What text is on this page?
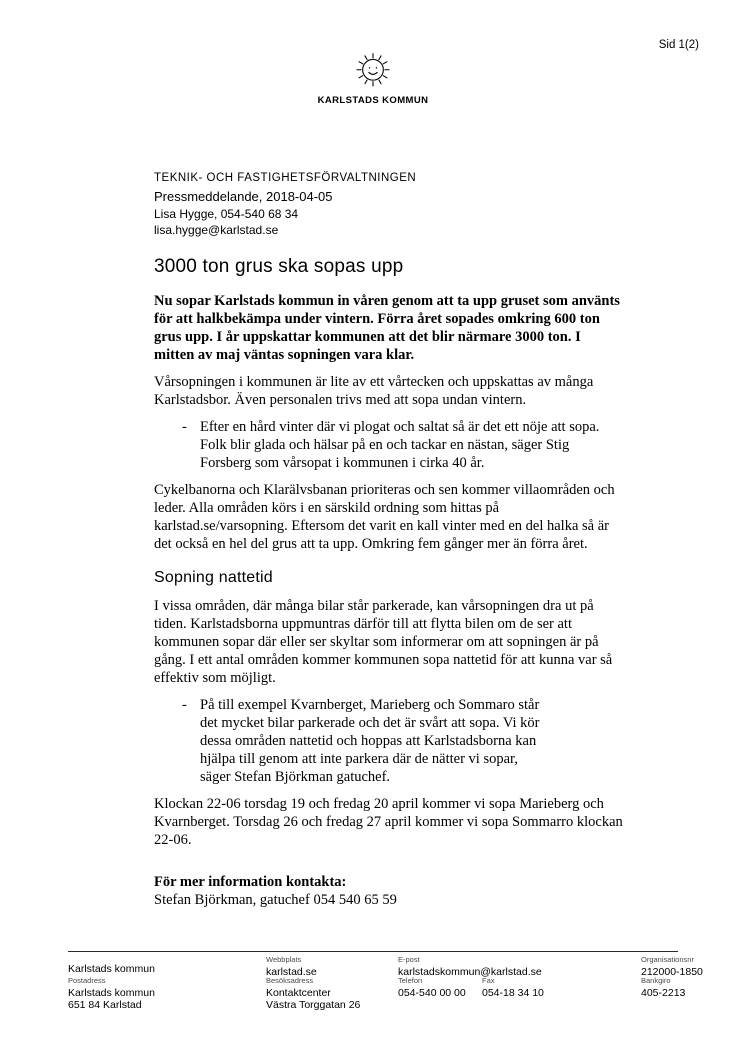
Sid 1(2)
KARLSTADS KOMMUN
TEKNIK- OCH FASTIGHETSFÖRVALTNINGEN
Pressmeddelande, 2018-04-05
Lisa Hygge, 054-540 68 34
lisa.hygge@karlstad.se
3000 ton grus ska sopas upp

Nu sopar Karlstads kommun in våren genom att ta upp gruset som använts för att halkbekämpa under vintern. Förra året sopades omkring 600 ton grus upp. I år uppskattar kommunen att det blir närmare 3000 ton. I mitten av maj väntas sopningen vara klar.

Vårsopningen i kommunen är lite av ett vårtecken och uppskattas av många Karlstadsbor. Även personalen trivs med att sopa undan vintern.

- Efter en hård vinter där vi plogat och saltat så är det ett nöje att sopa. Folk blir glada och hälsar på en och tackar en nästan, säger Stig Forsberg som vårsopat i kommunen i cirka 40 år.

Cykelbanorna och Klarälvsbanan prioriteras och sen kommer villaområden och leder. Alla områden körs i en särskild ordning som hittas på karlstad.se/varsopning. Eftersom det varit en kall vinter med en del halka så är det också en hel del grus att ta upp. Omkring fem gånger mer än förra året.

Sopning nattetid

I vissa områden, där många bilar står parkerade, kan vårsopningen dra ut på tiden. Karlstadsborna uppmuntras därför till att flytta bilen om de ser att kommunen sopar där eller ser skyltar som informerar om att sopningen är på gång. I ett antal områden kommer kommunen sopa nattetid för att kunna var så effektiv som möjligt.

- På till exempel Kvarnberget, Marieberg och Sommaro står det mycket bilar parkerade och det är svårt att sopa. Vi kör dessa områden nattetid och hoppas att Karlstadsborna kan hjälpa till genom att inte parkera där de nätter vi sopar, säger Stefan Björkman gatuchef.

Klockan 22-06 torsdag 19 och fredag 20 april kommer vi sopa Marieberg och Kvarnberget. Torsdag 26 och fredag 27 april kommer vi sopa Sommarro klockan 22-06.

För mer information kontakta:

Stefan Björkman, gatuchef 054 540 65 59

Karlstads kommun
Webbplats
karlstad.se
E-post
karlstadskommun@karlstad.se
Organisationsnr
212000-1850
Postadress
Karlstads kommun
651 84 Karlstad
Besöksadress
Kontaktcenter
Västra Torggatan 26
Telefon
054-540 00 00
Fax
054-18 34 10
Bankgiro
405-2213
